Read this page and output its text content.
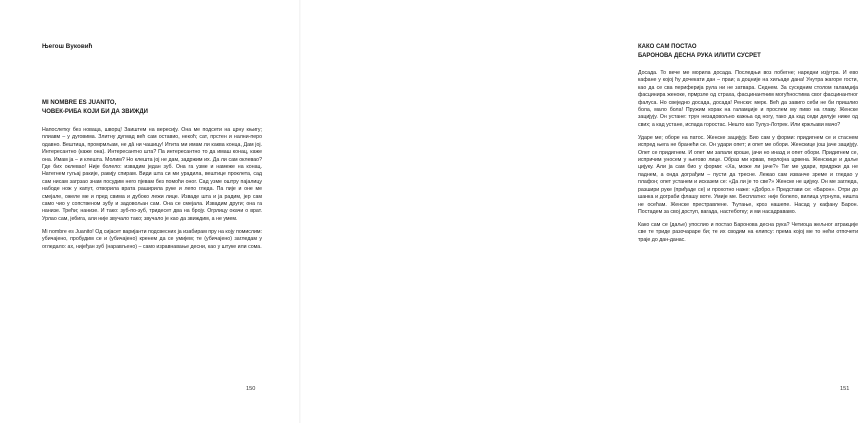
Његош Вуковић
MI NOMBRE ES JUANITO,
ЧОВЕК-РИБА КОЈИ БИ ДА ЗВИЖДИ

Напослетку без новаца, шворц! Заиштем на вересију. Она ме подсети на црну књигу; плиавм – у дуговима. Злитну дугмад већ сам оставио, некоћ; сат, прстен и нални-перо одавно. Вештица, промрмљам, не дâ ни чашицу! Итита ми имам ли каква конца, Дам јој. Интересантно (каже она). Интересантно шта? Па интересантно то да имаш конац, каже она. Имам ја – и клешта. Молим? Но клешта јој не дам, задржим их. Да ли сам оклевао? Где бих оклевао! Није болело: извадим један зуб. Она га узме и намеже на конац. Натегнем гуљај ракије, ракију спирам. Види шта си ми урадила, вештице проклета, сад сам нисам загрзао знам посудим него пјевам без помоћи оног. Сад узме оштру пајалицу набоде нож у капут, отворила врата раширила руке и лепо гледа. Па пије и оне ме смејале, ожеле ме и пред свима и дубоко лежи лице. Изваде шта и ја радим, јер сам само чио у сопственом зубу и задовољан сам. Она се смејала. Извадим други; она га нанизе. Трећи; нанизе. И тако: зуб-по-зуб, тридесет два на броју. Огрлицу окачи о врат. Урлао сам, јебига, али није звучало тако; звучало је као да звиждим, а не умем.

Mi nombre es Juanito! Од сијасет варијанти подсвесних ја изабирам пру на коју помислим: убичајено, пробудим се и (убичајено) кренем да се умијем; те (убичајено) загледам у огледало: ах, нијеђан зуб (нарављено) – само изравнавање десни, као у штуке или сома.

150
КАКО САМ ПОСТАО
БАРОНОВА ДЕСНА РУКА ИЛИТИ СУСРЕТ

Досада. То вече ме морила досада. Последњи воз побегне; наредни изјутра. И ево кафане у којој ћу дочекати дан – праи; а доцније на хиљаде дана! Унутра жагоре гости, као да се сва периферија рула ни не затвара. Седнем. За суседним столом галамџија фасцинира женоке, прмрзле од страха, фасцинантним могућностима свог фасцинантног фалуса. Но свеједно досада, досада! Ренски: мерк. Већ да завиго себи не би пришлио бола, мало бола! Пружим корак на галамџије и прослем му пиво на главу. Женске зацијују. Он устане: трун незадовољно кажња од ногу, тако да кад седи делује ниже од свих; а кад устане, испада горостас. Нешто као Тулуз-Лотрек. Или кржљави мачо?

Ударе ме; оборе на патос. Женске зацијују. Био сам у форми: придигнем се и стаснем испред њега не бранећи се. Он удари опет; и опет ме обори. Женскице још јаче зацијују. Опет се придигнем. И опет ми запали кроше, јачи но иназд и опет обори. Придигнем се, испричим уносем у његово лице. Образ ми крвав, перлојна црвена. Женскице и даље цијуку. Али ја сам био у форми: «Ха, може ли јаче?» Тиг ме удари, придржи да не паднем, а онда дограђим – пусти да тресне. Лежао сам изванче зреме и гледао у плафон; опет устанем и исказем се: «Да ли је то све?» Женске не цијуку. Он ме загледа, разшири руке (приђаде се) и прохотно наже: «Добро.» Представи се: «Барон». Отри до шанка и дограби флашу воте. Умије ме. Бесплатно: није болело, вилица утрнула, ништа не осећам. Женске престравлене. Ћутање, кроз нашепе. Насад у кафану Барон. Постадем за свој доступ, вагада, настеботку; и ми насадравамо.

Како сам се (даље) упослио и постао Баронова десна рука? Четиоца жељног атракције све те триде разочараре би; те их сводим на елипсу: према којој ме то нећи отпочети траје до дан-данас.

151
